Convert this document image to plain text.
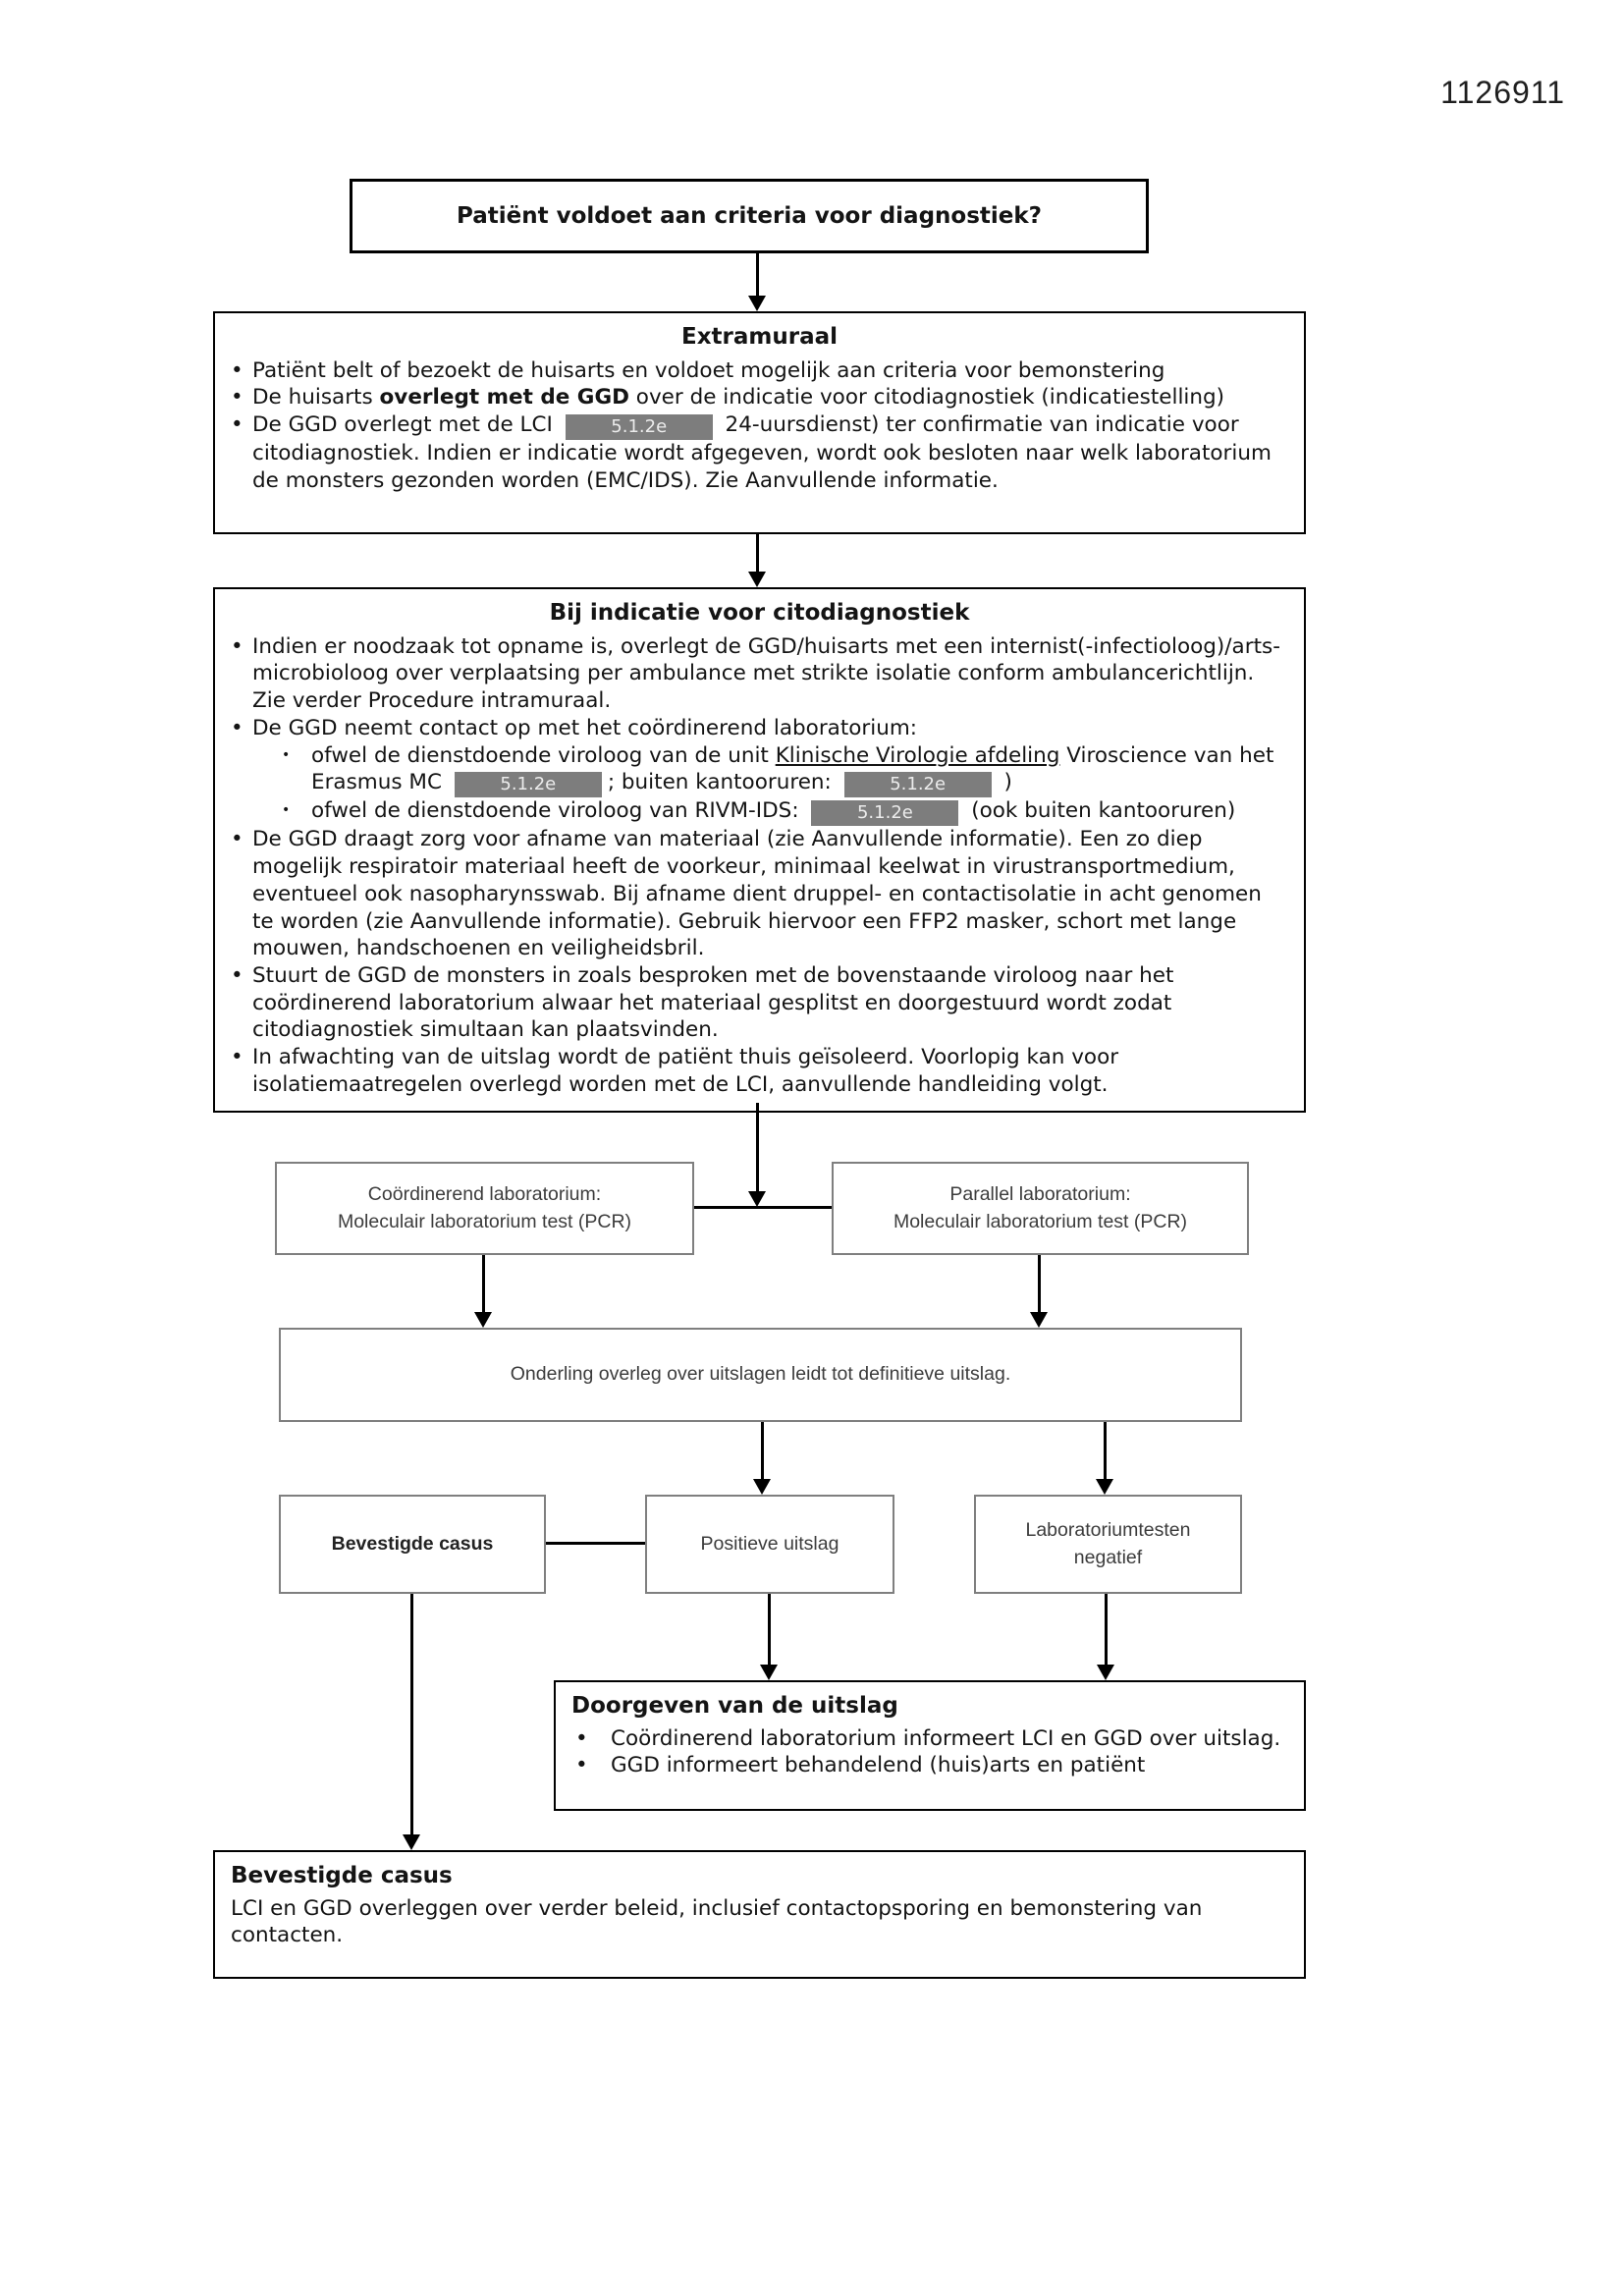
1126911
Patiënt voldoet aan criteria voor diagnostiek?
Extramuraal
• Patiënt belt of bezoekt de huisarts en voldoet mogelijk aan criteria voor bemonstering
• De huisarts overlegt met de GGD over de indicatie voor citodiagnostiek (indicatiestelling)
• De GGD overlegt met de LCI	5.1.2e 24-uursdienst) ter confirmatie van indicatie voor citodiagnostiek. Indien er indicatie wordt afgegeven, wordt ook besloten naar welk laboratorium de monsters gezonden worden (EMC/IDS). Zie Aanvullende informatie.
Bij indicatie voor citodiagnostiek
• Indien er noodzaak tot opname is, overlegt de GGD/huisarts met een internist(-infectioloog)/arts-microbioloog over verplaatsing per ambulance met strikte isolatie conform ambulancerichtlijn. Zie verder Procedure intramuraal.
• De GGD neemt contact op met het coördinerend laboratorium:
•	ofwel de dienstdoende viroloog van de unit Klinische Virologie afdeling Viroscience van het Erasmus MC	5.1.2e ; buiten kantooruren:	5.1.2e )
•	ofwel de dienstdoende viroloog van RIVM-IDS:	5.1.2e (ook buiten kantooruren)
• De GGD draagt zorg voor afname van materiaal (zie Aanvullende informatie). Een zo diep mogelijk respiratoir materiaal heeft de voorkeur, minimaal keelwat in virustransportmedium, eventueel ook nasopharynsswab. Bij afname dient druppel- en contactisolatie in acht genomen te worden (zie Aanvullende informatie). Gebruik hiervoor een FFP2 masker, schort met lange mouwen, handschoenen en veiligheidsbril.
• Stuurt de GGD de monsters in zoals besproken met de bovenstaande viroloog naar het coördinerend laboratorium alwaar het materiaal gesplitst en doorgestuurd wordt zodat citodiagnostiek simultaan kan plaatsvinden.
• In afwachting van de uitslag wordt de patiënt thuis geïsoleerd. Voorlopig kan voor isolatiemaatregelen overlegd worden met de LCI, aanvullende handleiding volgt.
Coördinerend laboratorium:
Moleculair laboratorium test (PCR)
Parallel laboratorium:
Moleculair laboratorium test (PCR)
Onderling overleg over uitslagen leidt tot definitieve uitslag.
Bevestigde casus	Positieve uitslag
Laboratoriumtesten
negatief
Doorgeven van de uitslag
•	Coördinerend laboratorium informeert LCI en GGD over uitslag.
•	GGD informeert behandelend (huis)arts en patiënt
Bevestigde casus
LCI en GGD overleggen over verder beleid, inclusief contactopsporing en bemonstering van contacten.
